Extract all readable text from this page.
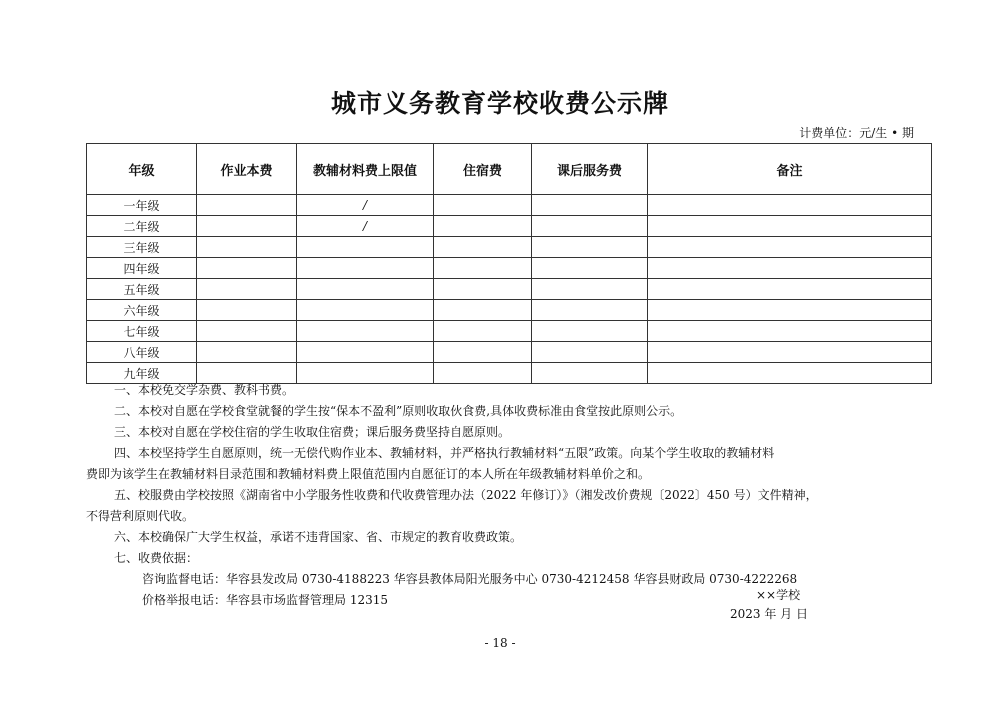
城市义务教育学校收费公示牌
计费单位：元/生 • 期
年级	作业本费	教辅材料费上限值	住宿费	课后服务费	备注
一年级		/			
二年级		/			
三年级					
四年级					
五年级					
六年级					
七年级					
八年级					
九年级					
一、本校免交学杂费、教科书费。
二、本校对自愿在学校食堂就餐的学生按“保本不盈利”原则收取伙食费,具体收费标准由食堂按此原则公示。
三、本校对自愿在学校住宿的学生收取住宿费；课后服务费坚持自愿原则。
四、本校坚持学生自愿原则，统一无偿代购作业本、教辅材料，并严格执行教辅材料“五限”政策。向某个学生收取的教辅材料
费即为该学生在教辅材料目录范围和教辅材料费上限值范围内自愿征订的本人所在年级教辅材料单价之和。
五、校服费由学校按照《湖南省中小学服务性收费和代收费管理办法（2022 年修订）》（湘发改价费规〔2022〕450 号）文件精神，
不得营利原则代收。
六、本校确保广大学生权益，承诺不违背国家、省、市规定的教育收费政策。
七、收费依据：
咨询监督电话：华容县发改局 0730-4188223 华容县教体局阳光服务中心 0730-4212458 华容县财政局 0730-4222268
价格举报电话：华容县市场监督管理局 12315	××学校
2023 年 月 日
- 18 -
